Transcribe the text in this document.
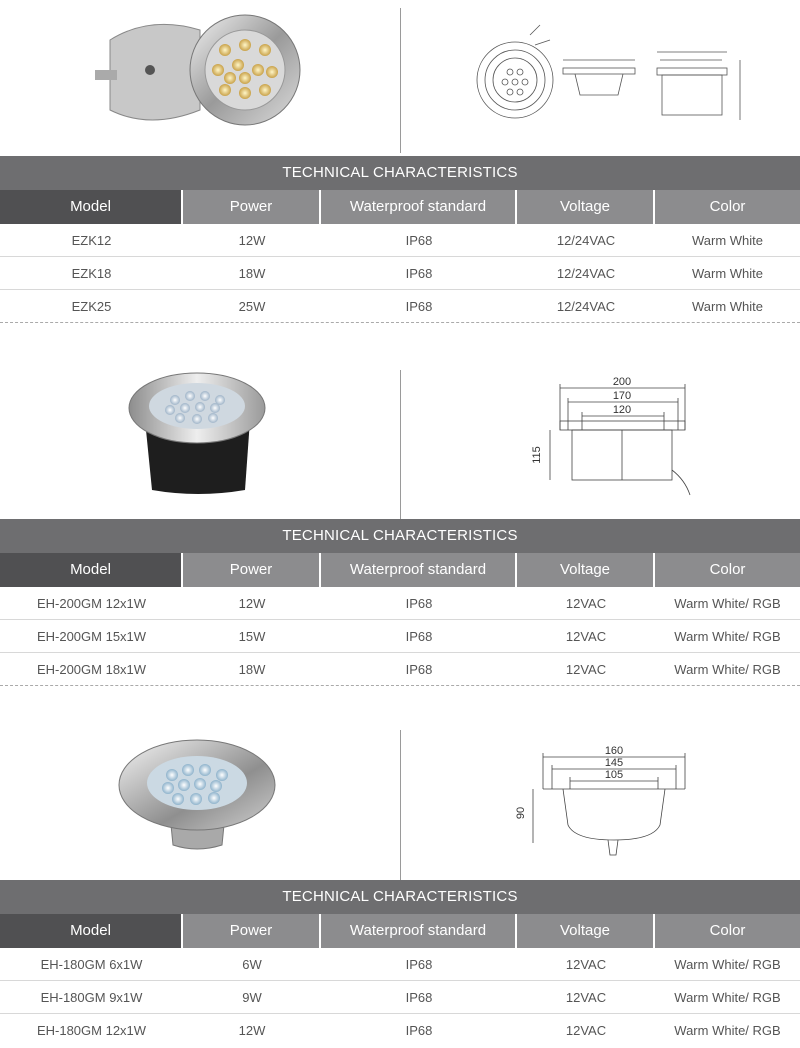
TECHNICAL CHARACTERISTICS
Model	Power	Waterproof standard	Voltage	Color
EZK12	12W	IP68	12/24VAC	Warm White
EZK18	18W	IP68	12/24VAC	Warm White
EZK25	25W	IP68	12/24VAC	Warm White
200
170
120
115
TECHNICAL CHARACTERISTICS
Model	Power	Waterproof standard	Voltage	Color
EH-200GM 12x1W	12W	IP68	12VAC	Warm White/ RGB
EH-200GM 15x1W	15W	IP68	12VAC	Warm White/ RGB
EH-200GM 18x1W	18W	IP68	12VAC	Warm White/ RGB
160
145
105
90
TECHNICAL CHARACTERISTICS
Model	Power	Waterproof standard	Voltage	Color
EH-180GM 6x1W	6W	IP68	12VAC	Warm White/ RGB
EH-180GM 9x1W	9W	IP68	12VAC	Warm White/ RGB
EH-180GM 12x1W	12W	IP68	12VAC	Warm White/ RGB
